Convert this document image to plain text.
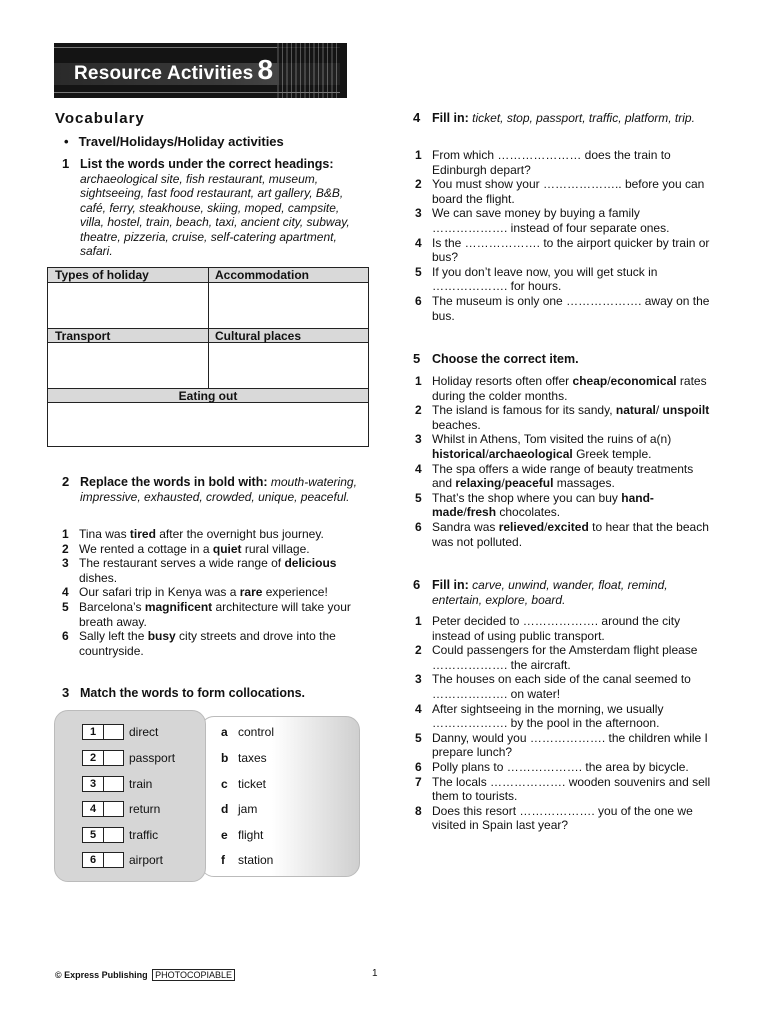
Resource Activities 8
Vocabulary
• Travel/Holidays/Holiday activities
1 List the words under the correct headings: archaeological site, fish restaurant, museum, sightseeing, fast food restaurant, art gallery, B&B, café, ferry, steakhouse, skiing, moped, campsite, villa, hostel, train, beach, taxi, ancient city, subway, theatre, pizzeria, cruise, self-catering apartment, safari.
Types of holiday	Accommodation
Transport	Cultural places
Eating out
2 Replace the words in bold with: mouth-watering, impressive, exhausted, crowded, unique, peaceful.
1 Tina was tired after the overnight bus journey.
2 We rented a cottage in a quiet rural village.
3 The restaurant serves a wide range of delicious dishes.
4 Our safari trip in Kenya was a rare experience!
5 Barcelona’s magnificent architecture will take your breath away.
6 Sally left the busy city streets and drove into the countryside.
3 Match the words to form collocations.
1	direct
2	passport
3	train
4	return
5	traffic
6	airport
a control
b taxes
c ticket
d jam
e flight
f station
4 Fill in: ticket, stop, passport, traffic, platform, trip.
1 From which ………………… does the train to Edinburgh depart?
2 You must show your ……………….. before you can board the flight.
3 We can save money by buying a family ………………. instead of four separate ones.
4 Is the ………………. to the airport quicker by train or bus?
5 If you don’t leave now, you will get stuck in ………………. for hours.
6 The museum is only one ………………. away on the bus.
5 Choose the correct item.
1 Holiday resorts often offer cheap/economical rates during the colder months.
2 The island is famous for its sandy, natural/ unspoilt beaches.
3 Whilst in Athens, Tom visited the ruins of a(n) historical/archaeological Greek temple.
4 The spa offers a wide range of beauty treatments and relaxing/peaceful massages.
5 That’s the shop where you can buy hand-made/fresh chocolates.
6 Sandra was relieved/excited to hear that the beach was not polluted.
6 Fill in: carve, unwind, wander, float, remind, entertain, explore, board.
1 Peter decided to ………………. around the city instead of using public transport.
2 Could passengers for the Amsterdam flight please ………………. the aircraft.
3 The houses on each side of the canal seemed to ………………. on water!
4 After sightseeing in the morning, we usually ………………. by the pool in the afternoon.
5 Danny, would you ………………. the children while I prepare lunch?
6 Polly plans to ………………. the area by bicycle.
7 The locals ………………. wooden souvenirs and sell them to tourists.
8 Does this resort ………………. you of the one we visited in Spain last year?
© Express Publishing PHOTOCOPIABLE	1
